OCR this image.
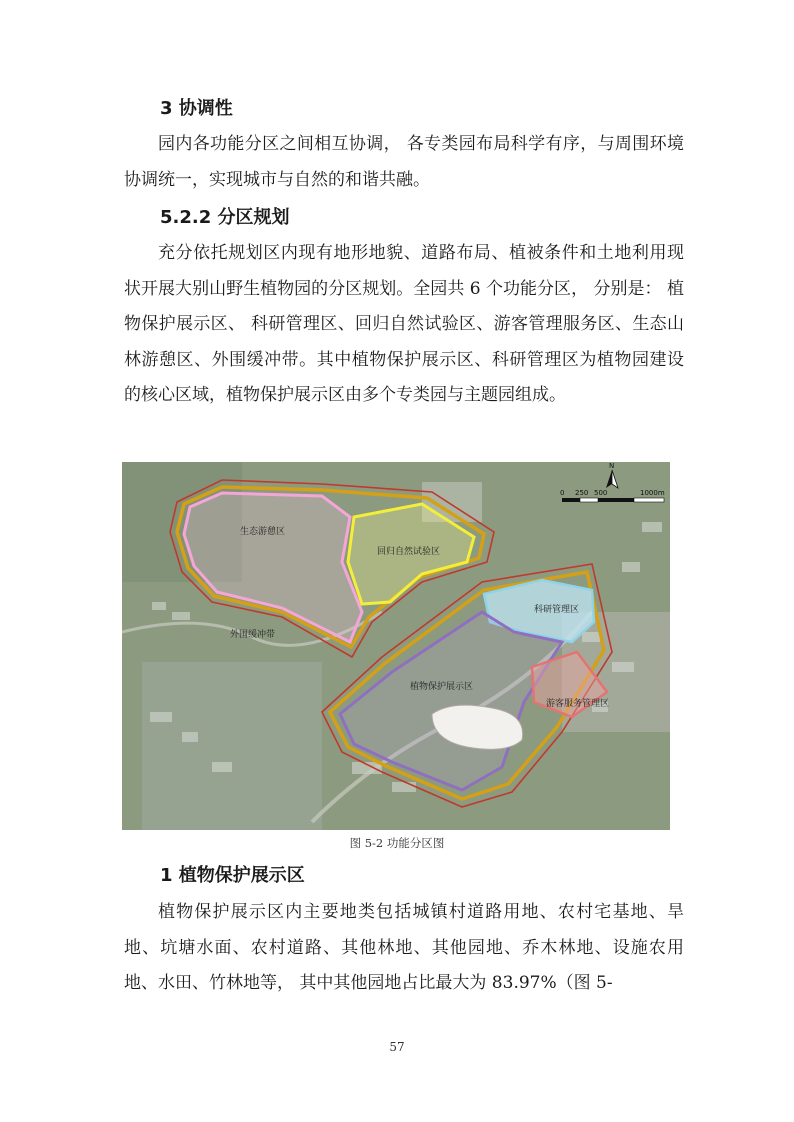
3 协调性

园内各功能分区之间相互协调， 各专类园布局科学有序，与周围环境协调统一，实现城市与自然的和谐共融。

5.2.2 分区规划

充分依托规划区内现有地形地貌、道路布局、植被条件和土地利用现状开展大别山野生植物园的分区规划。全园共 6 个功能分区， 分别是： 植物保护展示区、 科研管理区、回归自然试验区、游客管理服务区、生态山林游憩区、外围缓冲带。其中植物保护展示区、科研管理区为植物园建设的核心区域，植物保护展示区由多个专类园与主题园组成。

生态游憩区
回归自然试验区
外围缓冲带
科研管理区
植物保护展示区
游客服务管理区
N
0 250 500	1000m
图 5-2 功能分区图
1 植物保护展示区

植物保护展示区内主要地类包括城镇村道路用地、农村宅基地、旱地、坑塘水面、农村道路、其他林地、其他园地、乔木林地、设施农用地、水田、竹林地等， 其中其他园地占比最大为 83.97%（图 5-

57
